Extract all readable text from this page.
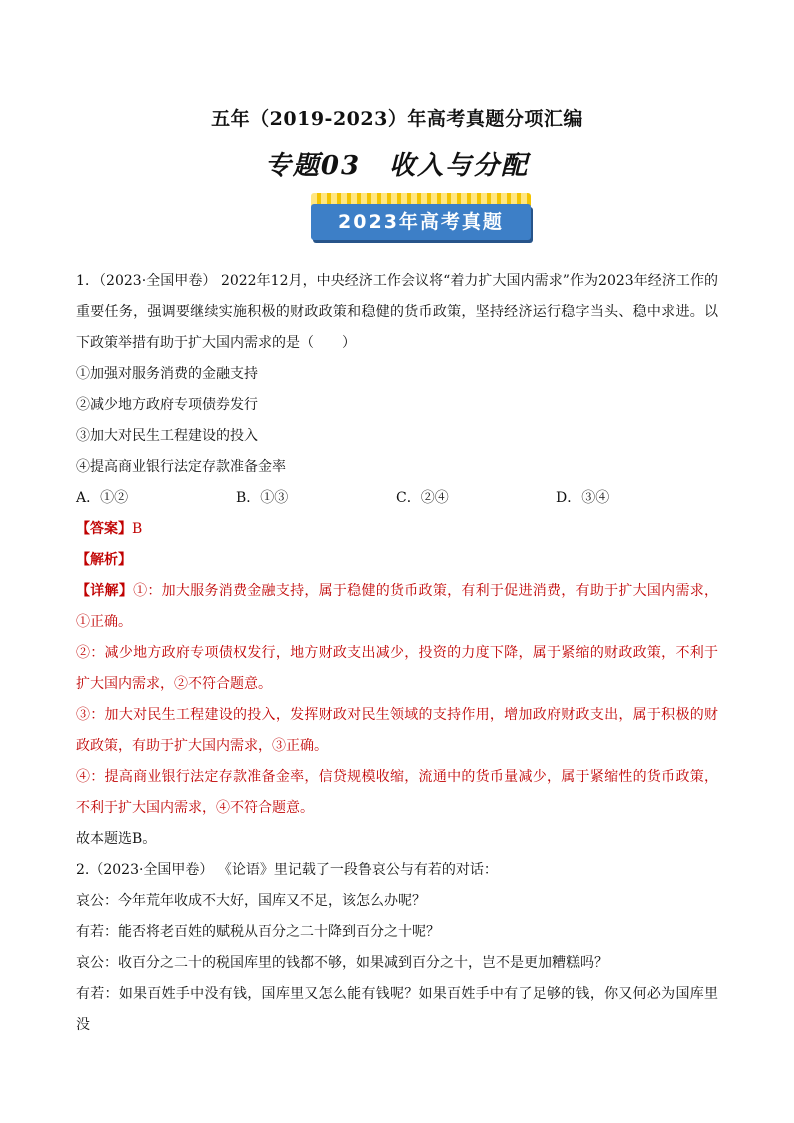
五年（2019-2023）年高考真题分项汇编
专题03　收入与分配
2023年高考真题

1．（2023·全国甲卷） 2022年12月，中央经济工作会议将“着力扩大国内需求”作为2023年经济工作的重要任务，强调要继续实施积极的财政政策和稳健的货币政策，坚持经济运行稳字当头、稳中求进。以下政策举措有助于扩大国内需求的是（　　）

①加强对服务消费的金融支持

②减少地方政府专项债券发行

③加大对民生工程建设的投入

④提高商业银行法定存款准备金率

A．①②	B．①③	C．②④	D．③④

【答案】B

【解析】

【详解】①：加大服务消费金融支持，属于稳健的货币政策，有利于促进消费，有助于扩大国内需求，①正确。

②：减少地方政府专项债权发行，地方财政支出减少，投资的力度下降，属于紧缩的财政政策，不利于扩大国内需求，②不符合题意。

③：加大对民生工程建设的投入，发挥财政对民生领域的支持作用，增加政府财政支出，属于积极的财政政策，有助于扩大国内需求，③正确。

④：提高商业银行法定存款准备金率，信贷规模收缩，流通中的货币量减少，属于紧缩性的货币政策，不利于扩大国内需求，④不符合题意。

故本题选B。

2.（2023·全国甲卷） 《论语》里记载了一段鲁哀公与有若的对话：

哀公：今年荒年收成不大好，国库又不足，该怎么办呢？

有若：能否将老百姓的赋税从百分之二十降到百分之十呢？

哀公：收百分之二十的税国库里的钱都不够，如果减到百分之十，岂不是更加糟糕吗？

有若：如果百姓手中没有钱，国库里又怎么能有钱呢？如果百姓手中有了足够的钱，你又何必为国库里没
